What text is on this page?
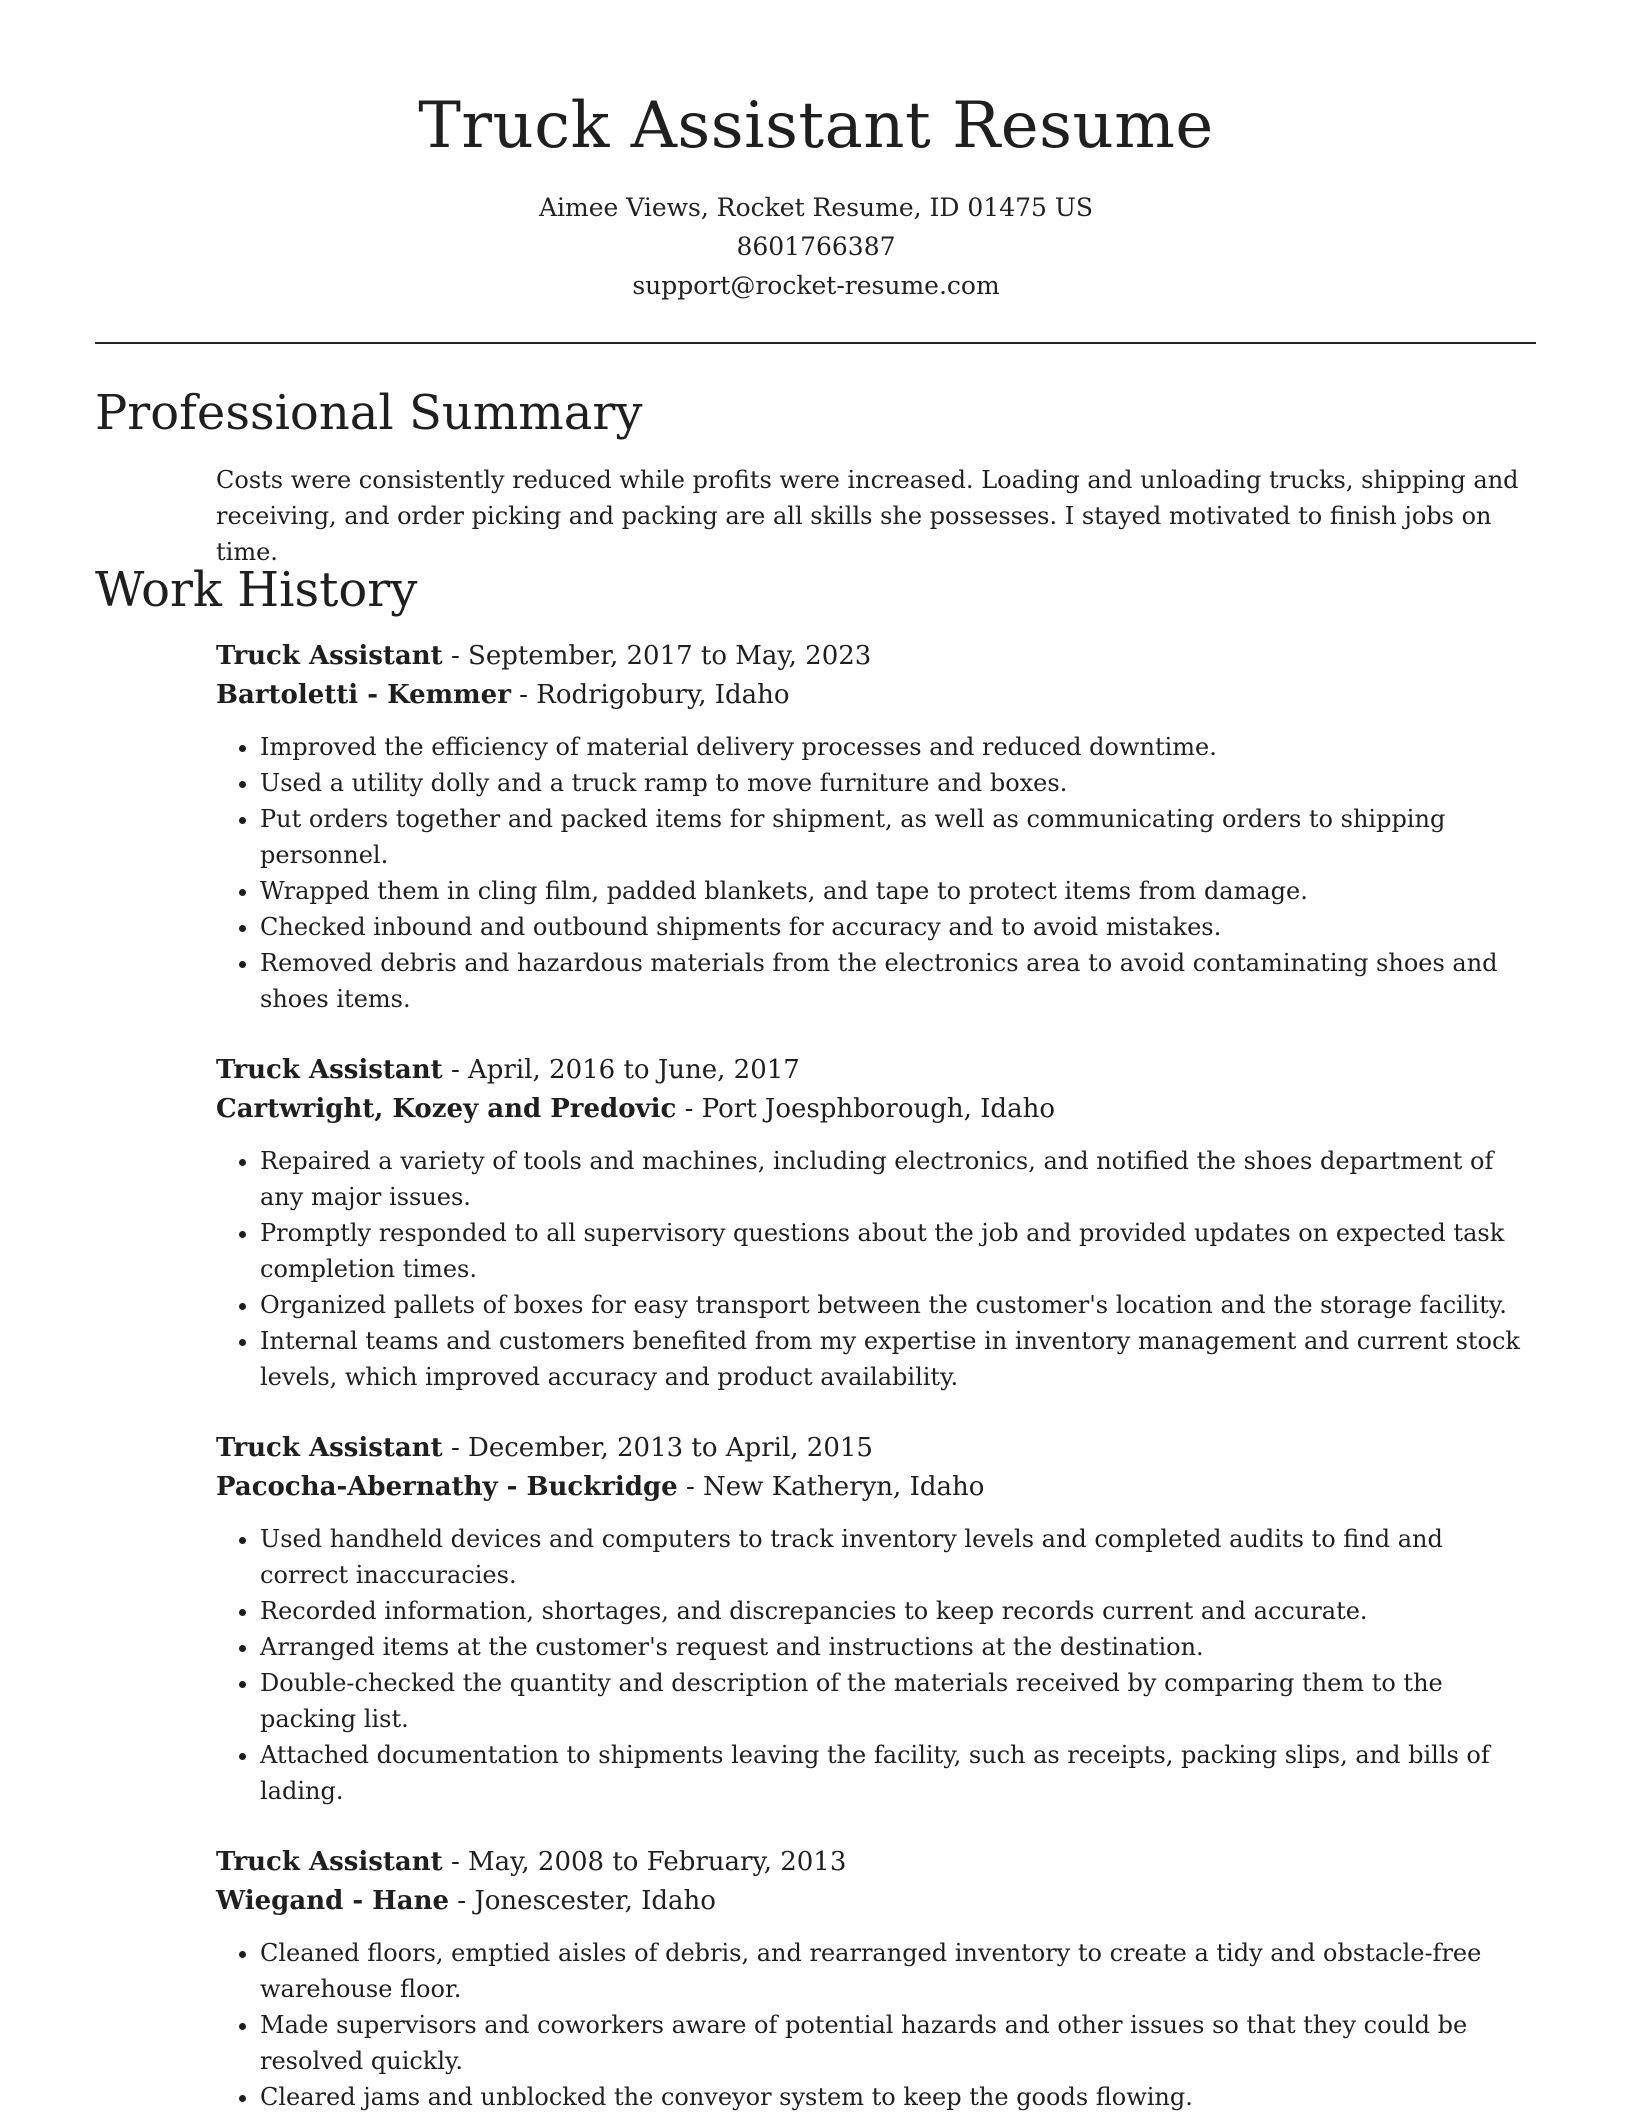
Truck Assistant Resume
Aimee Views, Rocket Resume, ID 01475 US
8601766387
support@rocket-resume.com
Professional Summary

Costs were consistently reduced while profits were increased. Loading and unloading trucks, shipping and receiving, and order picking and packing are all skills she possesses. I stayed motivated to finish jobs on time.

Work History

Truck Assistant - September, 2017 to May, 2023

Bartoletti - Kemmer - Rodrigobury, Idaho

• Improved the efficiency of material delivery processes and reduced downtime.
• Used a utility dolly and a truck ramp to move furniture and boxes.
• Put orders together and packed items for shipment, as well as communicating orders to shipping personnel.
• Wrapped them in cling film, padded blankets, and tape to protect items from damage.
• Checked inbound and outbound shipments for accuracy and to avoid mistakes.
• Removed debris and hazardous materials from the electronics area to avoid contaminating shoes and shoes items.

Truck Assistant - April, 2016 to June, 2017

Cartwright, Kozey and Predovic - Port Joesphborough, Idaho

• Repaired a variety of tools and machines, including electronics, and notified the shoes department of any major issues.
• Promptly responded to all supervisory questions about the job and provided updates on expected task completion times.
• Organized pallets of boxes for easy transport between the customer's location and the storage facility.
• Internal teams and customers benefited from my expertise in inventory management and current stock levels, which improved accuracy and product availability.

Truck Assistant - December, 2013 to April, 2015

Pacocha-Abernathy - Buckridge - New Katheryn, Idaho

• Used handheld devices and computers to track inventory levels and completed audits to find and correct inaccuracies.
• Recorded information, shortages, and discrepancies to keep records current and accurate.
• Arranged items at the customer's request and instructions at the destination.
• Double-checked the quantity and description of the materials received by comparing them to the packing list.
• Attached documentation to shipments leaving the facility, such as receipts, packing slips, and bills of lading.

Truck Assistant - May, 2008 to February, 2013

Wiegand - Hane - Jonescester, Idaho

• Cleaned floors, emptied aisles of debris, and rearranged inventory to create a tidy and obstacle-free warehouse floor.
• Made supervisors and coworkers aware of potential hazards and other issues so that they could be resolved quickly.
• Cleared jams and unblocked the conveyor system to keep the goods flowing.
